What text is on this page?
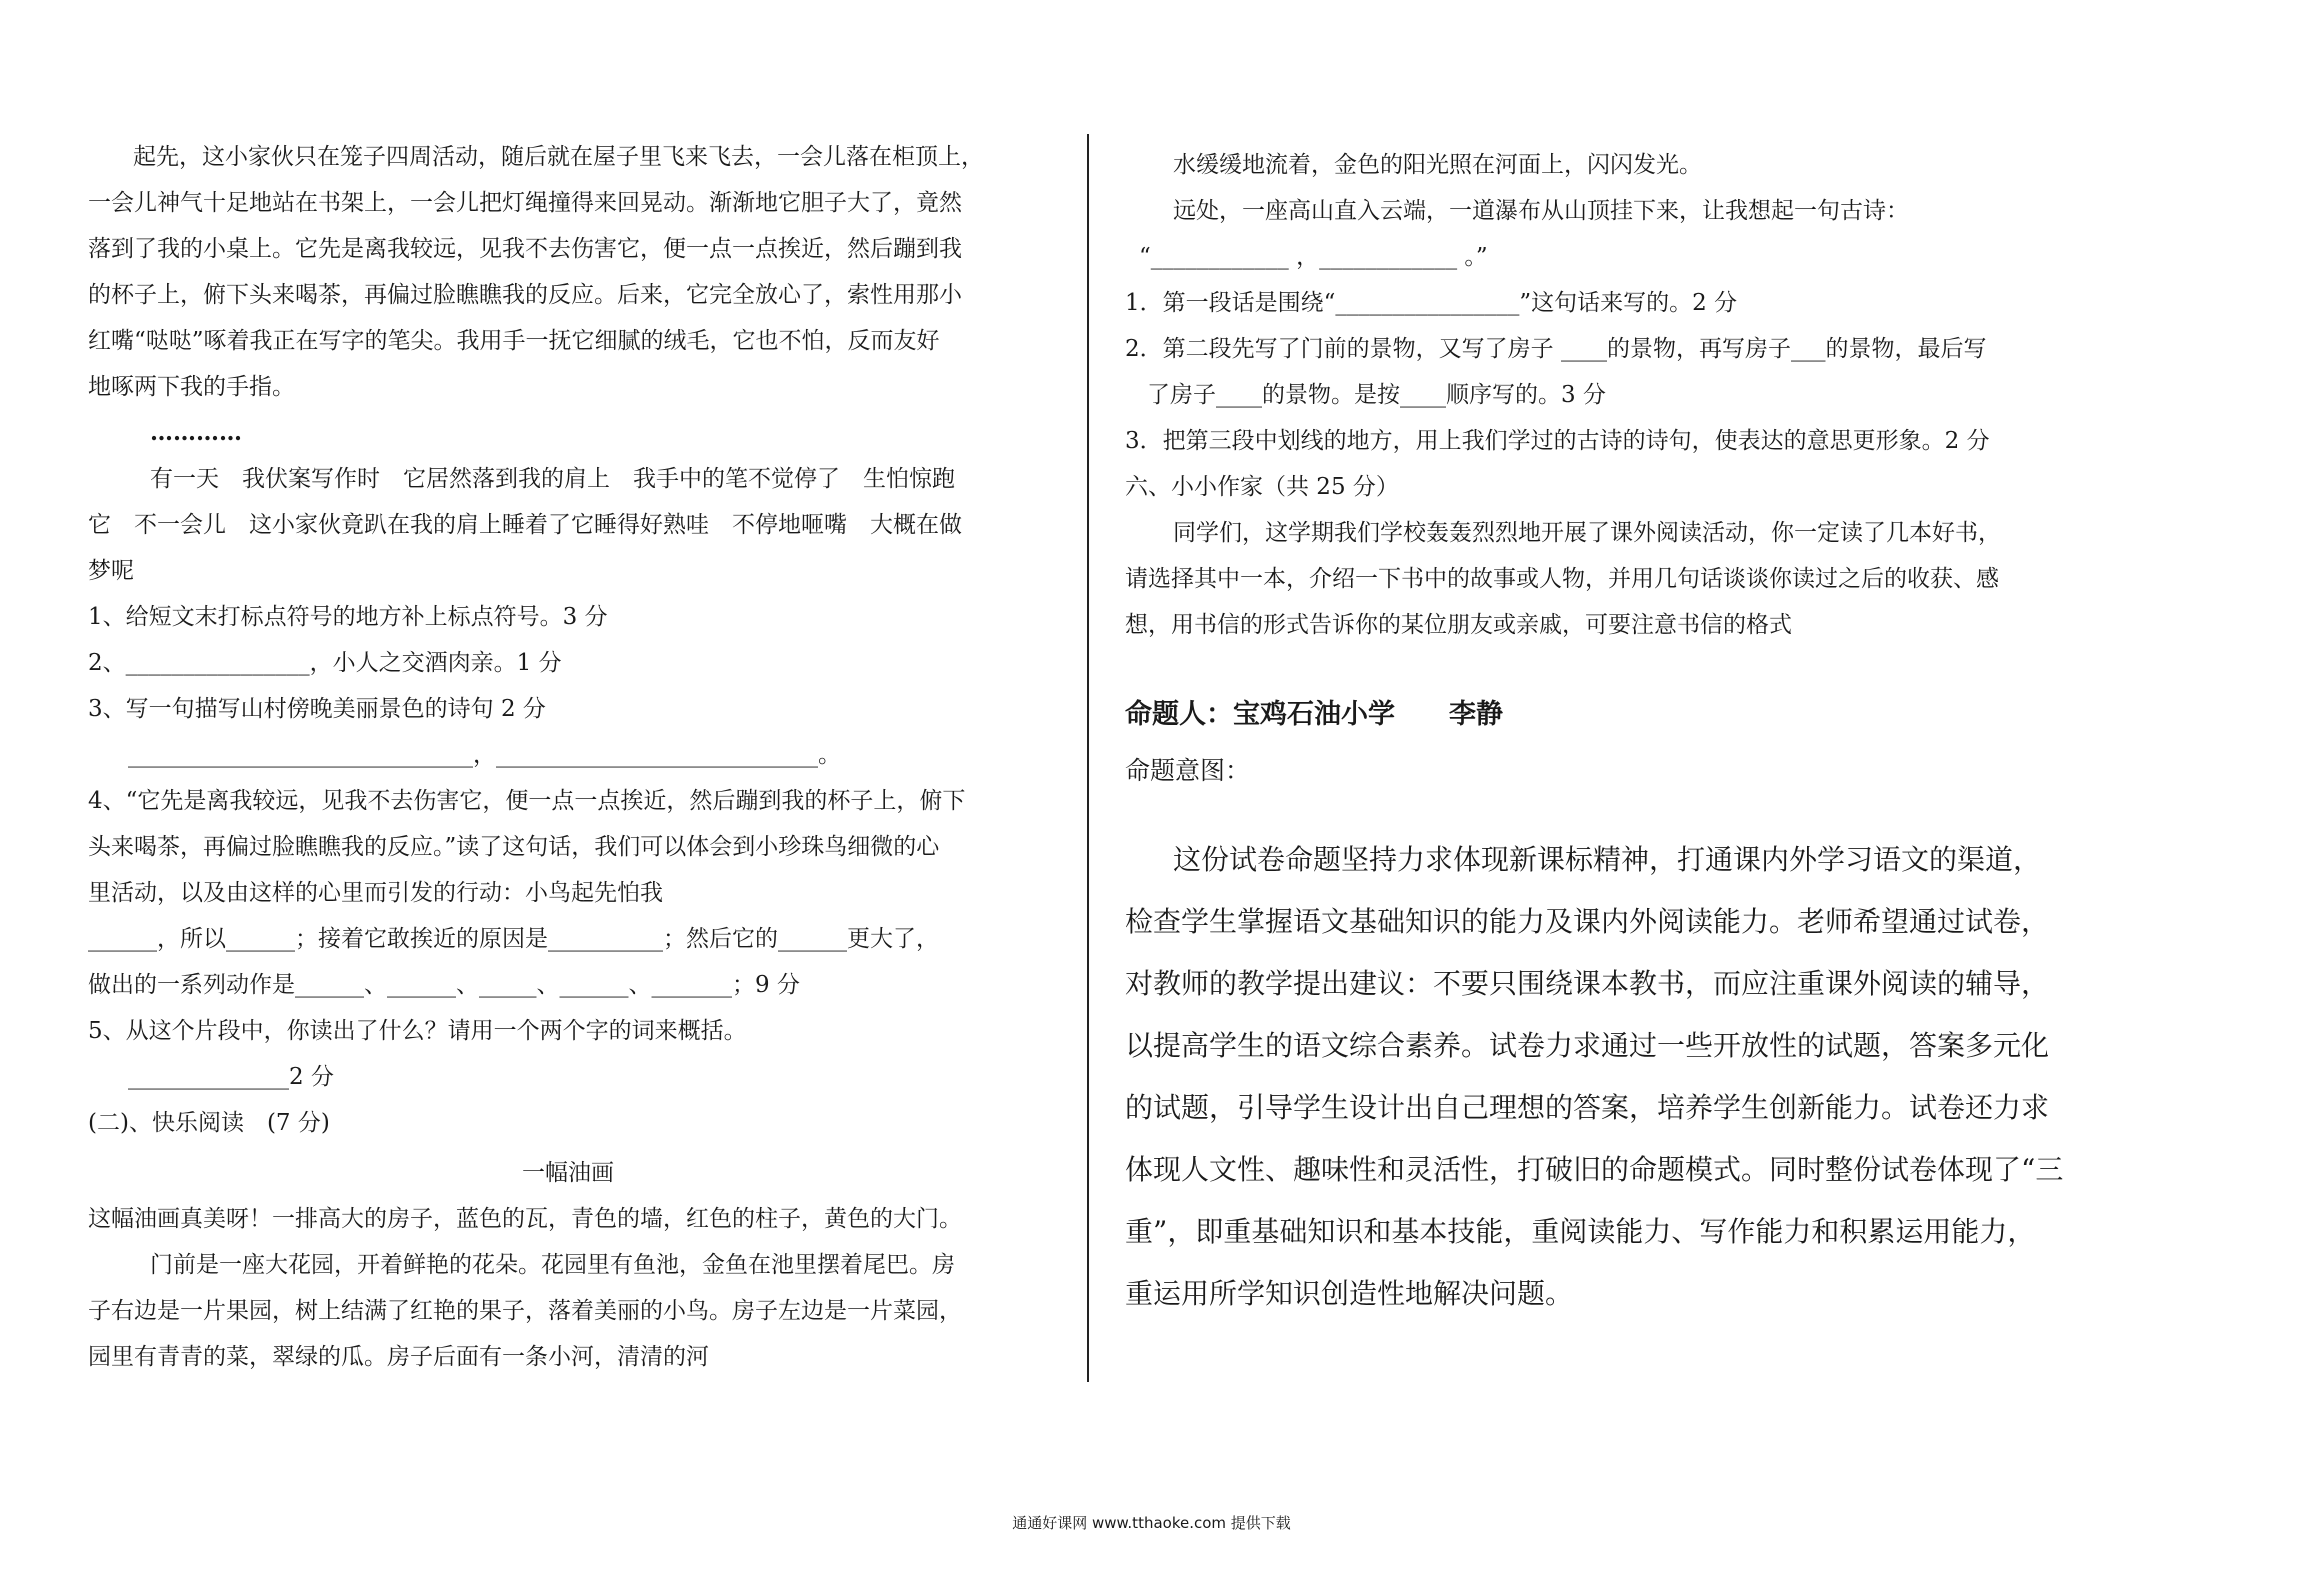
起先，这小家伙只在笼子四周活动，随后就在屋子里飞来飞去，一会儿落在柜顶上，
一会儿神气十足地站在书架上，一会儿把灯绳撞得来回晃动。渐渐地它胆子大了，竟然
落到了我的小桌上。它先是离我较远，见我不去伤害它，便一点一点挨近，然后蹦到我
的杯子上，俯下头来喝茶，再偏过脸瞧瞧我的反应。后来，它完全放心了，索性用那小
红嘴“哒哒”啄着我正在写字的笔尖。我用手一抚它细腻的绒毛，它也不怕，反而友好
地啄两下我的手指。
…………
有一天　我伏案写作时　它居然落到我的肩上　我手中的笔不觉停了　生怕惊跑
它　不一会儿　这小家伙竟趴在我的肩上睡着了它睡得好熟哇　不停地咂嘴　大概在做
梦呢
1、给短文末打标点符号的地方补上标点符号。3 分
2、________________，小人之交酒肉亲。1 分
3、写一句描写山村傍晚美丽景色的诗句 2 分
______________________________，____________________________。
4、“它先是离我较远，见我不去伤害它，便一点一点挨近，然后蹦到我的杯子上，俯下
头来喝茶，再偏过脸瞧瞧我的反应。”读了这句话，我们可以体会到小珍珠鸟细微的心
里活动，以及由这样的心里而引发的行动：小鸟起先怕我
______，所以______；接着它敢挨近的原因是__________；然后它的______更大了，
做出的一系列动作是______、______、_____、______、_______；9 分
5、从这个片段中，你读出了什么？请用一个两个字的词来概括。
______________2 分
(二)、快乐阅读　(7 分)
一幅油画
这幅油画真美呀！一排高大的房子，蓝色的瓦，青色的墙，红色的柱子，黄色的大门。
门前是一座大花园，开着鲜艳的花朵。花园里有鱼池，金鱼在池里摆着尾巴。房
子右边是一片果园，树上结满了红艳的果子，落着美丽的小鸟。房子左边是一片菜园，
园里有青青的菜，翠绿的瓜。房子后面有一条小河，清清的河
水缓缓地流着，金色的阳光照在河面上，闪闪发光。
远处，一座高山直入云端，一道瀑布从山顶挂下来，让我想起一句古诗：
“____________ ，____________ 。”
1．第一段话是围绕“________________”这句话来写的。2 分
2．第二段先写了门前的景物，又写了房子 ____的景物，再写房子___的景物，最后写
了房子____的景物。是按____顺序写的。3 分
3．把第三段中划线的地方，用上我们学过的古诗的诗句，使表达的意思更形象。2 分
六、小小作家（共 25 分）
同学们，这学期我们学校轰轰烈烈地开展了课外阅读活动，你一定读了几本好书，
请选择其中一本，介绍一下书中的故事或人物，并用几句话谈谈你读过之后的收获、感
想，用书信的形式告诉你的某位朋友或亲戚，可要注意书信的格式
命题人：宝鸡石油小学　　李静
命题意图：
这份试卷命题坚持力求体现新课标精神，打通课内外学习语文的渠道，
检查学生掌握语文基础知识的能力及课内外阅读能力。老师希望通过试卷，
对教师的教学提出建议：不要只围绕课本教书，而应注重课外阅读的辅导，
以提高学生的语文综合素养。试卷力求通过一些开放性的试题，答案多元化
的试题，引导学生设计出自己理想的答案，培养学生创新能力。试卷还力求
体现人文性、趣味性和灵活性，打破旧的命题模式。同时整份试卷体现了“三
重”，即重基础知识和基本技能，重阅读能力、写作能力和积累运用能力，
重运用所学知识创造性地解决问题。
通通好课网 www.tthaoke.com 提供下载
